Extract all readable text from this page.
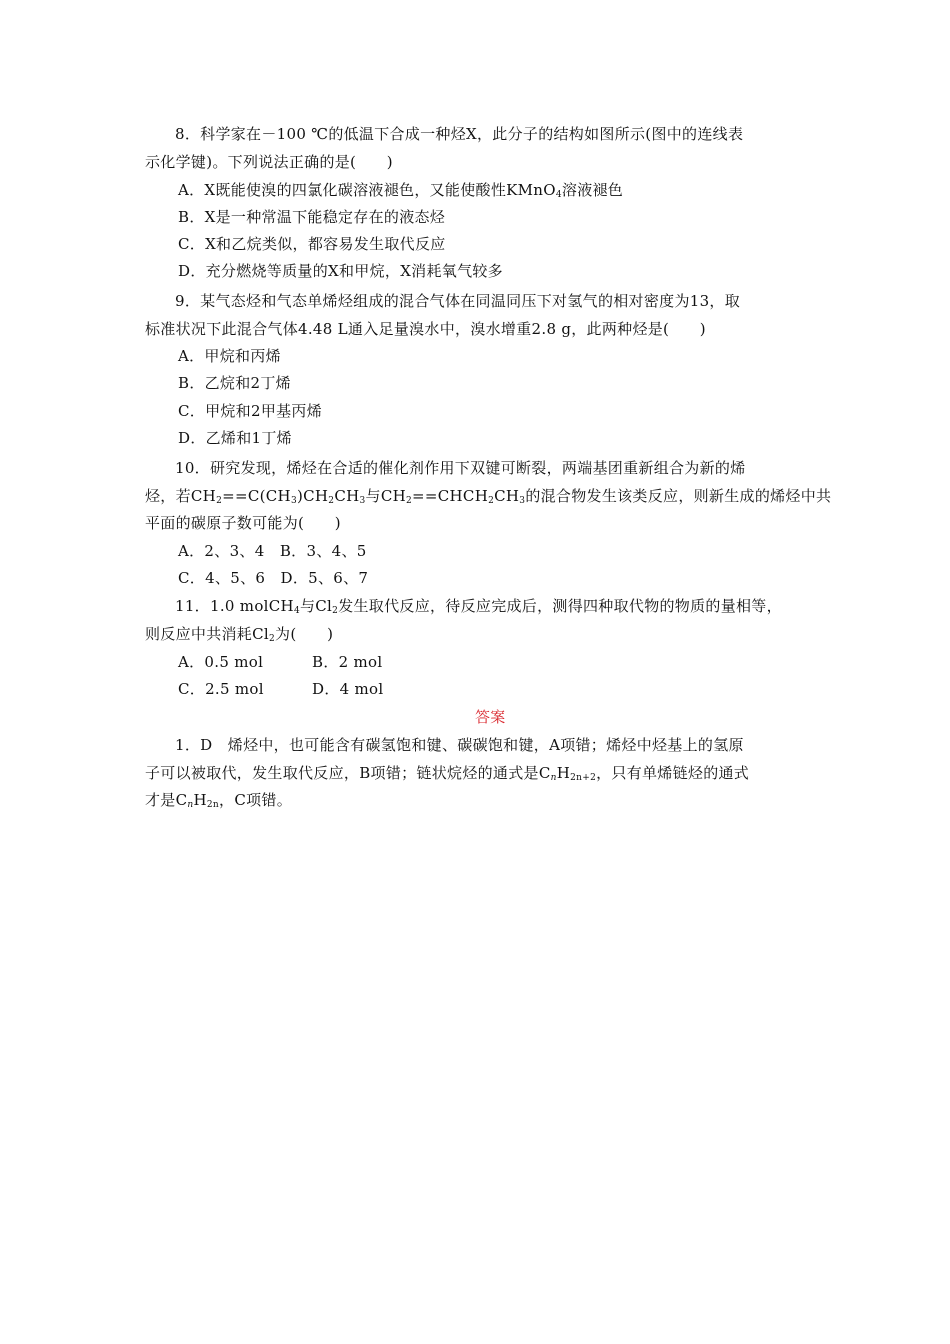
8．科学家在－100 ℃的低温下合成一种烃X，此分子的结构如图所示(图中的连线表
示化学键)。下列说法正确的是(　　)
A．X既能使溴的四氯化碳溶液褪色，又能使酸性KMnO$_4$溶液褪色
B．X是一种常温下能稳定存在的液态烃
C．X和乙烷类似，都容易发生取代反应
D．充分燃烧等质量的X和甲烷，X消耗氧气较多
9．某气态烃和气态单烯烃组成的混合气体在同温同压下对氢气的相对密度为13，取
标准状况下此混合气体4.48 L通入足量溴水中，溴水增重2.8 g，此两种烃是(　　)
A．甲烷和丙烯
B．乙烷和2丁烯
C．甲烷和2甲基丙烯
D．乙烯和1丁烯
10．研究发现，烯烃在合适的催化剂作用下双键可断裂，两端基团重新组合为新的烯
烃，若$CH_2==C(CH_3)CH_2CH_3$与$CH_2==CHCH_2CH_3$的混合物发生该类反应，则新生成的烯烃中共
平面的碳原子数可能为(　　)
A．2、3、4　B．3、4、5
C．4、5、6　D．5、6、7
11．1.0 molCH$_4$与$Cl_2$发生取代反应，待反应完成后，测得四种取代物的物质的量相等，
则反应中共消耗$Cl_2$为(　　)
A．0.5 mol	B．2 mol
C．2.5 mol	D．4 mol
答案
1．D　烯烃中，也可能含有碳氢饱和键、碳碳饱和键，A项错；烯烃中烃基上的氢原
子可以被取代，发生取代反应，B项错；链状烷烃的通式是$C_nH_{2n+2}$，只有单烯链烃的通式
才是$C_nH_{2n}$，C项错。
